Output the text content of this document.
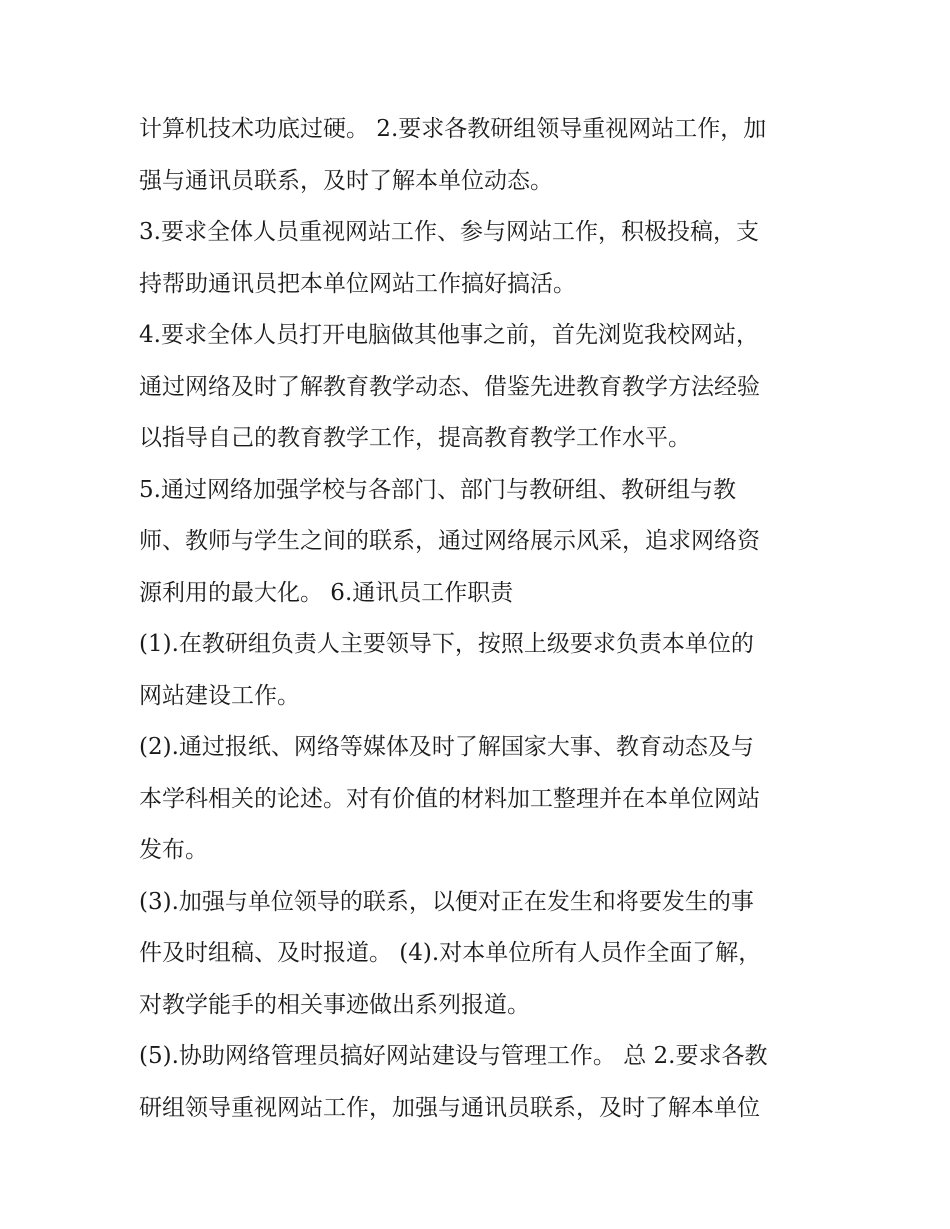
计算机技术功底过硬。 2.要求各教研组领导重视网站工作，加
强与通讯员联系，及时了解本单位动态。
3.要求全体人员重视网站工作、参与网站工作，积极投稿，支
持帮助通讯员把本单位网站工作搞好搞活。
4.要求全体人员打开电脑做其他事之前，首先浏览我校网站，
通过网络及时了解教育教学动态、借鉴先进教育教学方法经验
以指导自己的教育教学工作，提高教育教学工作水平。
5.通过网络加强学校与各部门、部门与教研组、教研组与教
师、教师与学生之间的联系，通过网络展示风采，追求网络资
源利用的最大化。 6.通讯员工作职责
(1).在教研组负责人主要领导下，按照上级要求负责本单位的
网站建设工作。
(2).通过报纸、网络等媒体及时了解国家大事、教育动态及与
本学科相关的论述。对有价值的材料加工整理并在本单位网站
发布。
(3).加强与单位领导的联系，以便对正在发生和将要发生的事
件及时组稿、及时报道。 (4).对本单位所有人员作全面了解，
对教学能手的相关事迹做出系列报道。
(5).协助网络管理员搞好网站建设与管理工作。 总 2.要求各教
研组领导重视网站工作，加强与通讯员联系，及时了解本单位
